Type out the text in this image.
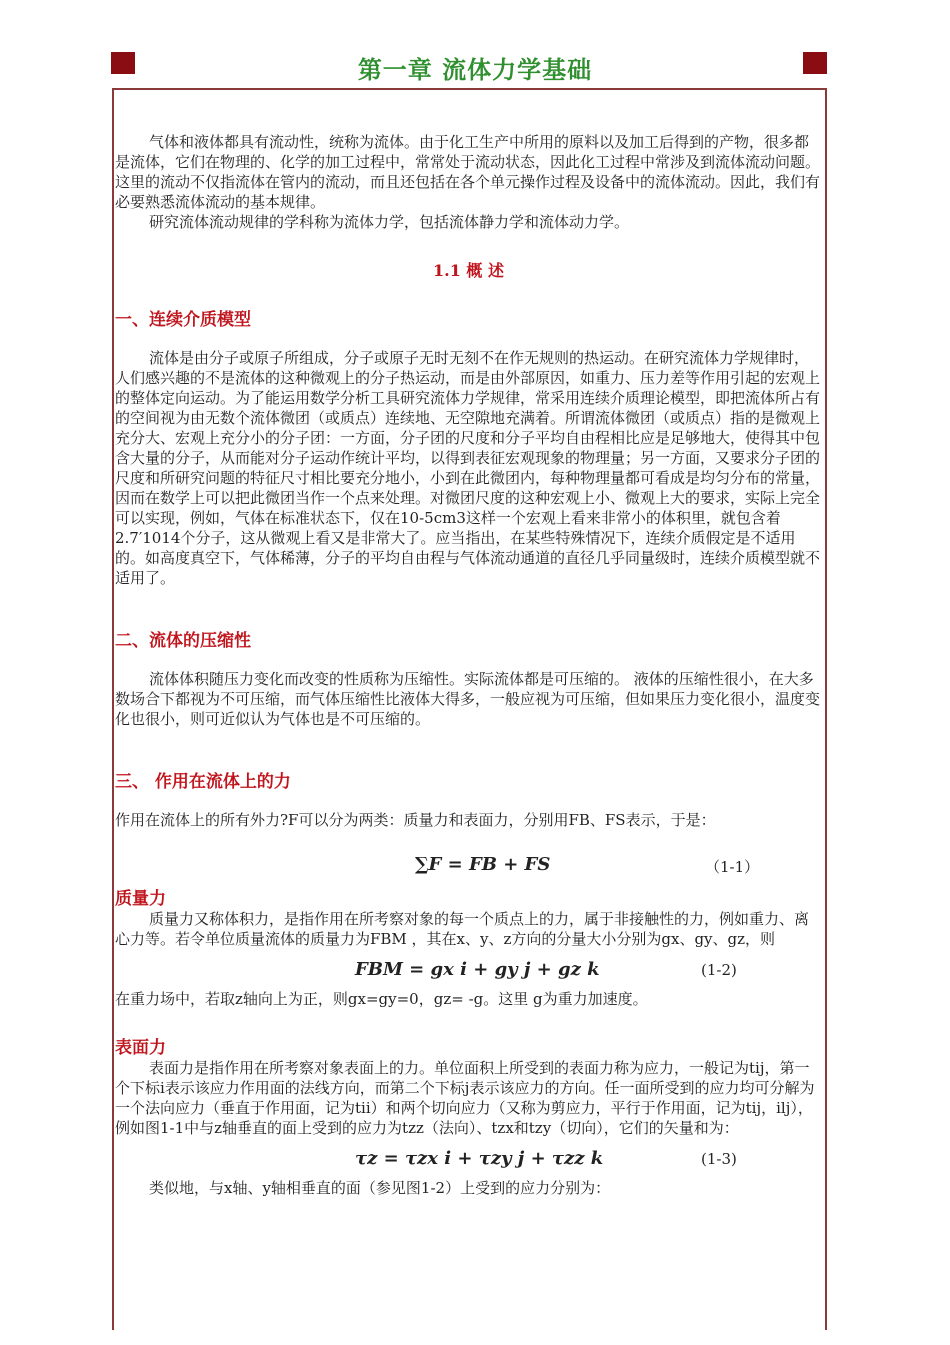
第一章 流体力学基础

气体和液体都具有流动性，统称为流体。由于化工生产中所用的原料以及加工后得到的产物，很多都是流体，它们在物理的、化学的加工过程中，常常处于流动状态，因此化工过程中常涉及到流体流动问题。这里的流动不仅指流体在管内的流动，而且还包括在各个单元操作过程及设备中的流体流动。因此，我们有必要熟悉流体流动的基本规律。

研究流体流动规律的学科称为流体力学，包括流体静力学和流体动力学。

1.1 概 述
一、连续介质模型

流体是由分子或原子所组成，分子或原子无时无刻不在作无规则的热运动。在研究流体力学规律时，人们感兴趣的不是流体的这种微观上的分子热运动，而是由外部原因，如重力、压力差等作用引起的宏观上的整体定向运动。为了能运用数学分析工具研究流体力学规律，常采用连续介质理论模型，即把流体所占有的空间视为由无数个流体微团（或质点）连续地、无空隙地充满着。所谓流体微团（或质点）指的是微观上充分大、宏观上充分小的分子团：一方面，分子团的尺度和分子平均自由程相比应是足够地大，使得其中包含大量的分子，从而能对分子运动作统计平均，以得到表征宏观现象的物理量；另一方面，又要求分子团的尺度和所研究问题的特征尺寸相比要充分地小，小到在此微团内，每种物理量都可看成是均匀分布的常量，因而在数学上可以把此微团当作一个点来处理。对微团尺度的这种宏观上小、微观上大的要求，实际上完全可以实现，例如，气体在标准状态下，仅在10-5cm3这样一个宏观上看来非常小的体积里，就包含着2.7′1014个分子，这从微观上看又是非常大了。应当指出，在某些特殊情况下，连续介质假定是不适用的。如高度真空下，气体稀薄，分子的平均自由程与气体流动通道的直径几乎同量级时，连续介质模型就不适用了。

二、流体的压缩性

流体体积随压力变化而改变的性质称为压缩性。实际流体都是可压缩的。 液体的压缩性很小，在大多数场合下都视为不可压缩，而气体压缩性比液体大得多，一般应视为可压缩，但如果压力变化很小，温度变化也很小，则可近似认为气体也是不可压缩的。

三、 作用在流体上的力

作用在流体上的所有外力?F可以分为两类：质量力和表面力，分别用FB、FS表示，于是：

∑F = FB + FS	（1-1）
质量力

质量力又称体积力，是指作用在所考察对象的每一个质点上的力，属于非接触性的力，例如重力、离心力等。若令单位质量流体的质量力为FBM ，其在x、y、z方向的分量大小分别为gx、gy、gz，则

FBM = gx i + gy j + gz k	(1-2)

在重力场中，若取z轴向上为正，则gx=gy=0，gz= -g。这里 g为重力加速度。

表面力

表面力是指作用在所考察对象表面上的力。单位面积上所受到的表面力称为应力，一般记为tij，第一个下标i表示该应力作用面的法线方向，而第二个下标j表示该应力的方向。任一面所受到的应力均可分解为一个法向应力（垂直于作用面，记为tii）和两个切向应力（又称为剪应力，平行于作用面，记为tij，ilj），例如图1-1中与z轴垂直的面上受到的应力为tzz（法向）、tzx和tzy（切向），它们的矢量和为：

τz = τzx i + τzy j + τzz k	(1-3)

类似地，与x轴、y轴相垂直的面（参见图1-2）上受到的应力分别为：
